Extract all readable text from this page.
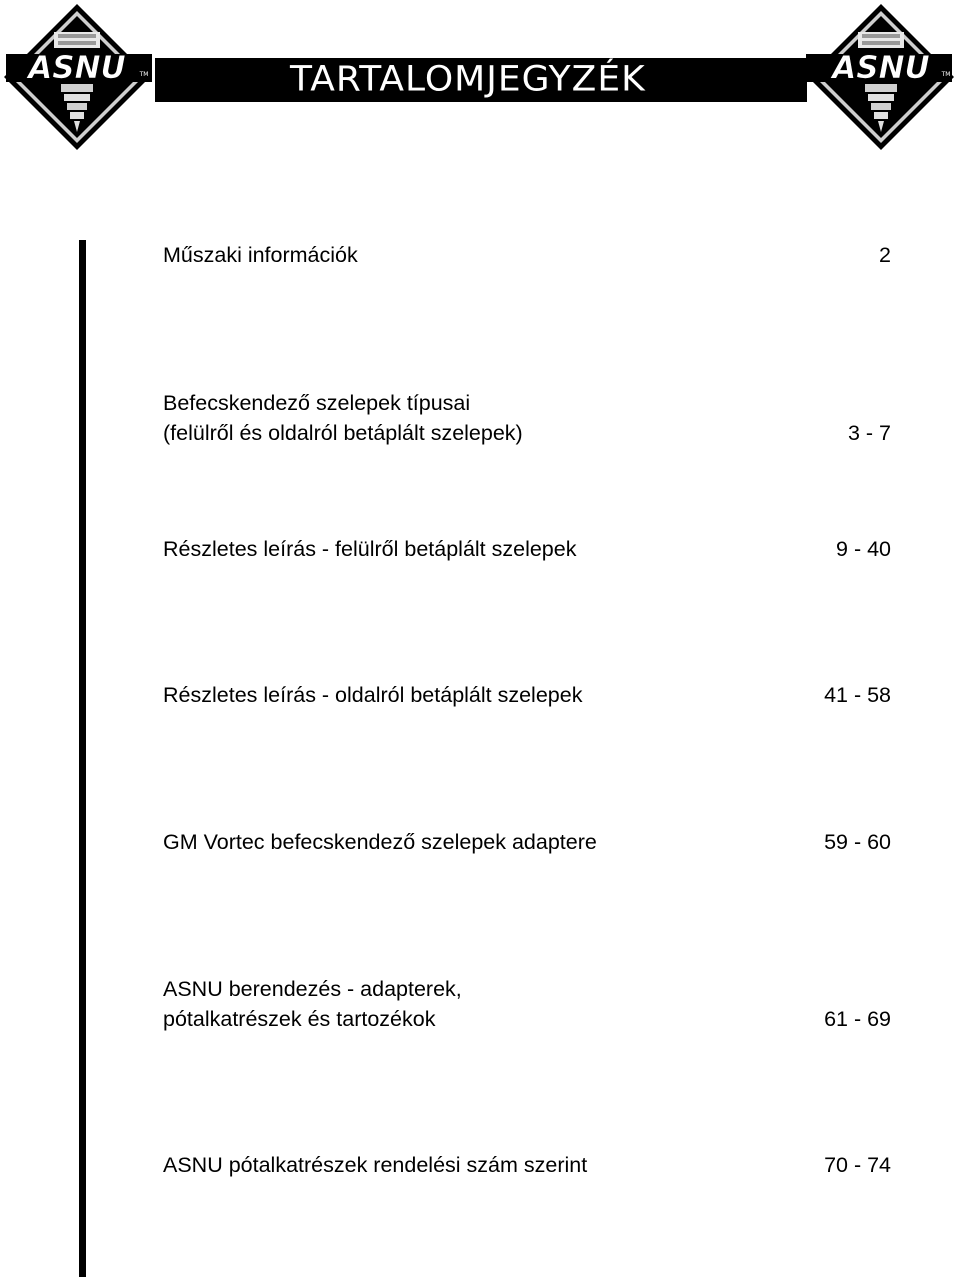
ASNU TM	TARTALOMJEGYZÉK	ASNU TM
Műszaki információk	2
Befecskendező szelepek típusai
(felülről és oldalról betáplált szelepek)	3 - 7
Részletes leírás - felülről betáplált szelepek	9 - 40
Részletes leírás - oldalról betáplált szelepek	41 - 58
GM Vortec befecskendező szelepek adaptere	59 - 60
ASNU berendezés - adapterek,
pótalkatrészek és tartozékok	61 - 69
ASNU pótalkatrészek rendelési szám szerint	70 - 74
